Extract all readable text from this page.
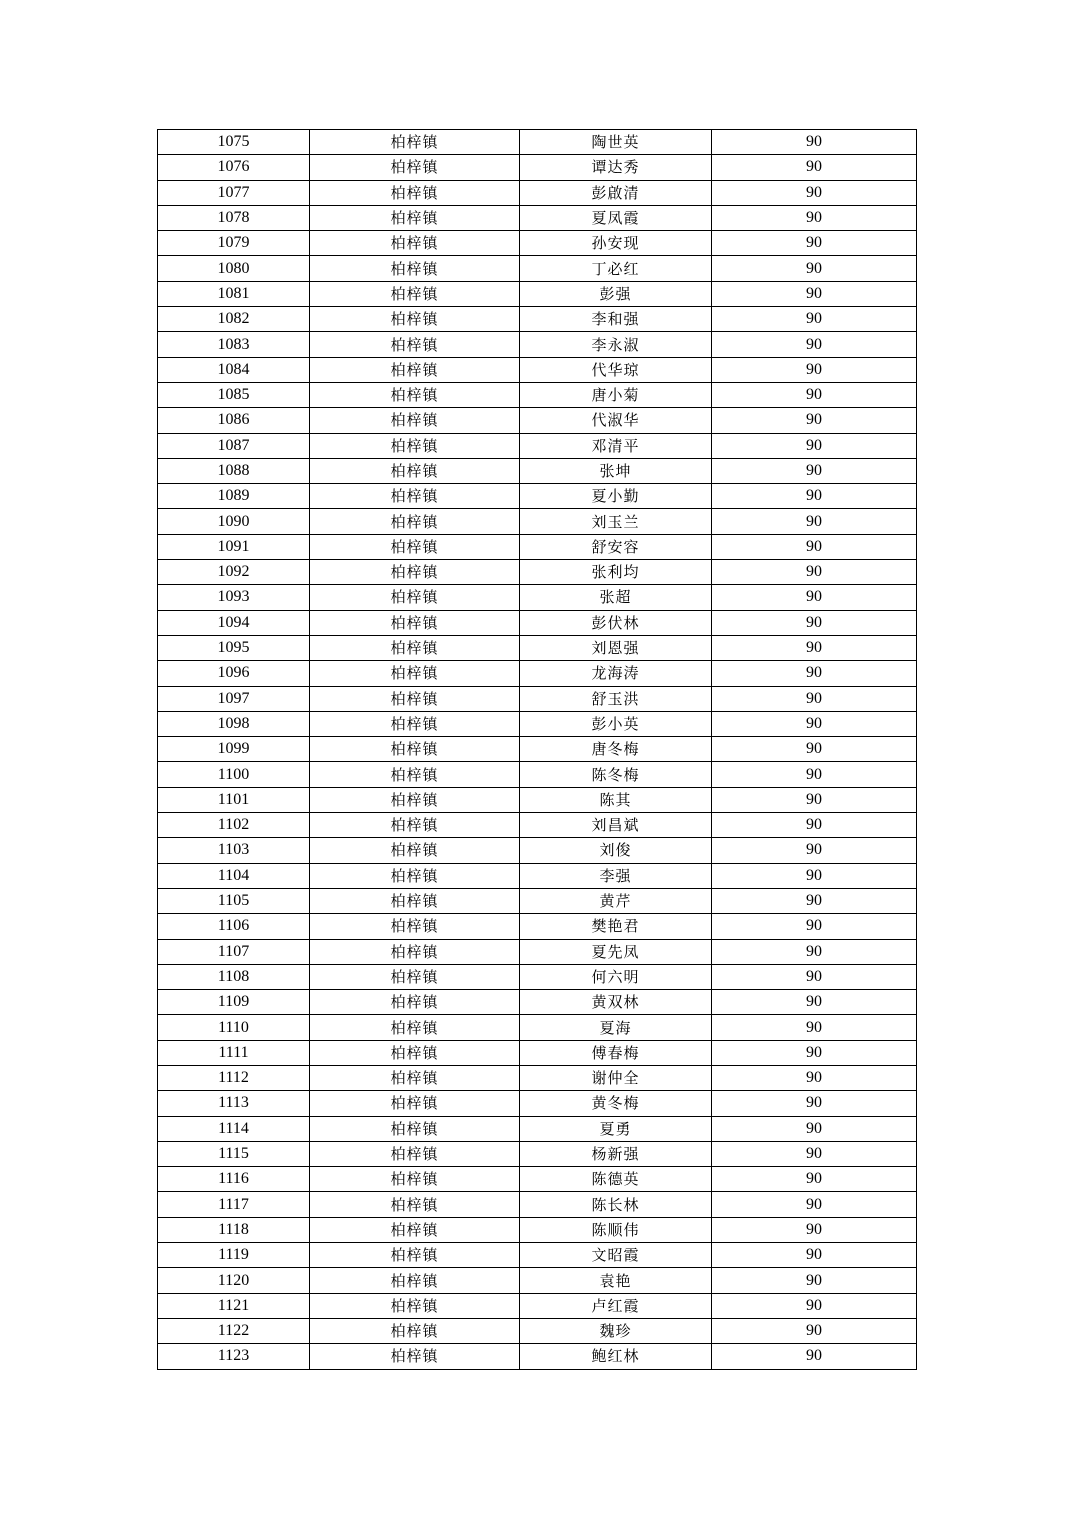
1075	柏梓镇	陶世英	90
1076	柏梓镇	谭达秀	90
1077	柏梓镇	彭啟清	90
1078	柏梓镇	夏凤霞	90
1079	柏梓镇	孙安现	90
1080	柏梓镇	丁必红	90
1081	柏梓镇	彭强	90
1082	柏梓镇	李和强	90
1083	柏梓镇	李永淑	90
1084	柏梓镇	代华琼	90
1085	柏梓镇	唐小菊	90
1086	柏梓镇	代淑华	90
1087	柏梓镇	邓清平	90
1088	柏梓镇	张坤	90
1089	柏梓镇	夏小勤	90
1090	柏梓镇	刘玉兰	90
1091	柏梓镇	舒安容	90
1092	柏梓镇	张利均	90
1093	柏梓镇	张超	90
1094	柏梓镇	彭伏林	90
1095	柏梓镇	刘恩强	90
1096	柏梓镇	龙海涛	90
1097	柏梓镇	舒玉洪	90
1098	柏梓镇	彭小英	90
1099	柏梓镇	唐冬梅	90
1100	柏梓镇	陈冬梅	90
1101	柏梓镇	陈其	90
1102	柏梓镇	刘昌斌	90
1103	柏梓镇	刘俊	90
1104	柏梓镇	李强	90
1105	柏梓镇	黄芹	90
1106	柏梓镇	樊艳君	90
1107	柏梓镇	夏先凤	90
1108	柏梓镇	何六明	90
1109	柏梓镇	黄双林	90
1110	柏梓镇	夏海	90
1111	柏梓镇	傅春梅	90
1112	柏梓镇	谢仲全	90
1113	柏梓镇	黄冬梅	90
1114	柏梓镇	夏勇	90
1115	柏梓镇	杨新强	90
1116	柏梓镇	陈德英	90
1117	柏梓镇	陈长林	90
1118	柏梓镇	陈顺伟	90
1119	柏梓镇	文昭霞	90
1120	柏梓镇	袁艳	90
1121	柏梓镇	卢红霞	90
1122	柏梓镇	魏珍	90
1123	柏梓镇	鲍红林	90
